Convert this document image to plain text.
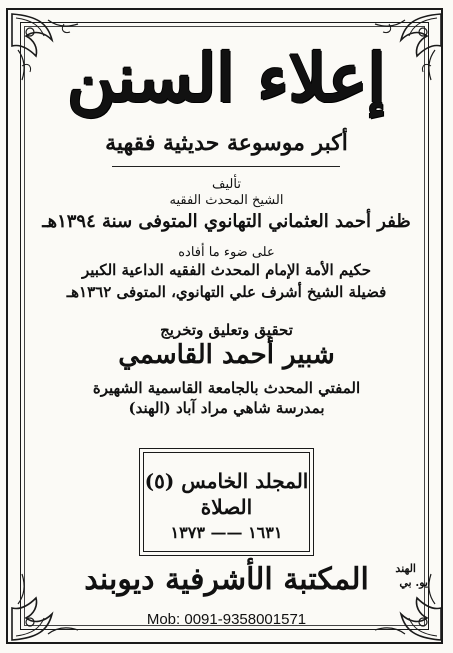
إعلاء السنن
أكبر موسوعة حديثية فقهية
تأليف
الشيخ المحدث الفقيه
ظفر أحمد العثماني التهانوي المتوفى سنة ١٣٩٤هـ
على ضوء ما أفاده
حكيم الأمة الإمام المحدث الفقيه الداعية الكبير
فضيلة الشيخ أشرف علي التهانوي، المتوفى ١٣٦٢هـ
تحقيق وتعليق وتخريج
شبير أحمد القاسمي
المفتي المحدث بالجامعة القاسمية الشهيرة
بمدرسة شاهي مراد آباد (الهند)
المجلد الخامس (٥)
الصلاة
١٦٣١ —— ١٣٧٣
المكتبة الأشرفية ديوبند	الهند
يو. بي
Mob: 0091-9358001571
